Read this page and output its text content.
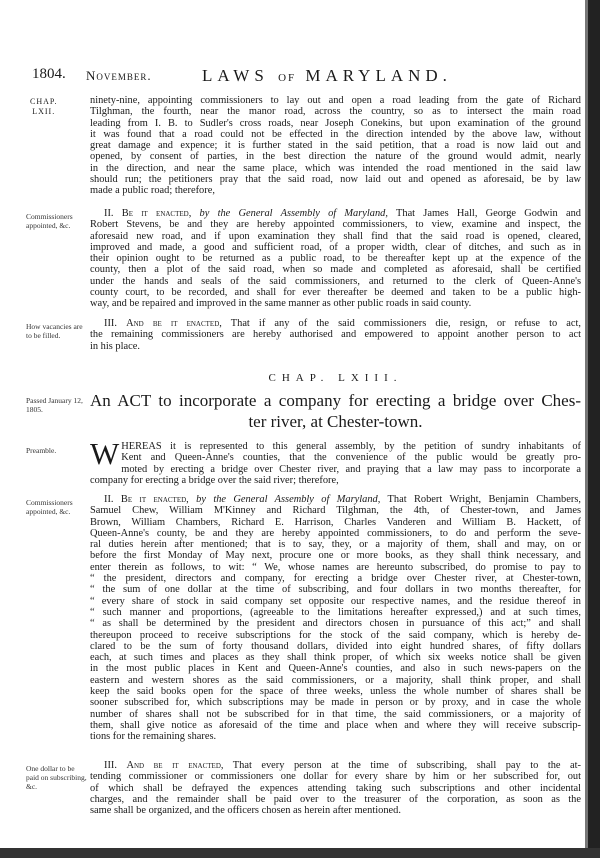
1804. November.	LAWS OF MARYLAND.
CHAP.
LXII.
ninety-nine, appointing commissioners to lay out and open a road leading from the gate of Richard
Tilghman, the fourth, near the manor road, across the country, so as to intersect the main road
leading from I. B. to Sudler's cross roads, near Joseph Conekins, but upon examination of the ground
it was found that a road could not be effected in the direction intended by the above law, without
great damage and expence; it is further stated in the said petition, that a road is now laid out and
opened, by consent of parties, in the best direction the nature of the ground would admit, nearly
in the direction, and near the same place, which was intended the road mentioned in the said law
should run; the petitioners pray that the said road, now laid out and opened as aforesaid, be by law
made a public road; therefore,
Commissioners appointed, &c.
II. Be it enacted, by the General Assembly of Maryland, That James Hall, George Godwin and
Robert Stevens, be and they are hereby appointed commissioners, to view, examine and inspect, the
aforesaid new road, and if upon examination they shall find that the said road is opened, cleared,
improved and made, a good and sufficient road, of a proper width, clear of ditches, and such as in
their opinion ought to be returned as a public road, to be thereafter kept up at the expence of the
county, then a plot of the said road, when so made and completed as aforesaid, shall be certified
under the hands and seals of the said commissioners, and returned to the clerk of Queen-Anne's
county court, to be recorded, and shall for ever thereafter be deemed and taken to be a public high-
way, and be repaired and improved in the same manner as other public roads in said county.
How vacancies are to be filled.
III. And be it enacted, That if any of the said commissioners die, resign, or refuse to act,
the remaining commissioners are hereby authorised and empowered to appoint another person to act
in his place.
CHAP. LXIII.
Passed January 12, 1805.	An ACT to incorporate a company for erecting a bridge over Ches-
ter river, at Chester-town.
Preamble.	W HEREAS it is represented to this general assembly, by the petition of sundry inhabitants of
Kent and Queen-Anne's counties, that the convenience of the public would be greatly pro-
moted by erecting a bridge over Chester river, and praying that a law may pass to incorporate a
company for erecting a bridge over the said river; therefore,
Commissioners appointed, &c.
II. Be it enacted, by the General Assembly of Maryland, That Robert Wright, Benjamin Chambers,
Samuel Chew, William M'Kinney and Richard Tilghman, the 4th, of Chester-town, and James
Brown, William Chambers, Richard E. Harrison, Charles Vanderen and William B. Hackett, of
Queen-Anne's county, be and they are hereby appointed commissioners, to do and perform the seve-
ral duties herein after mentioned; that is to say, they, or a majority of them, shall and may, on or
before the first Monday of May next, procure one or more books, as they shall think necessary, and
enter therein as follows, to wit: “ We, whose names are hereunto subscribed, do promise to pay to
“ the president, directors and company, for erecting a bridge over Chester river, at Chester-town,
“ the sum of one dollar at the time of subscribing, and four dollars in two months thereafter, for
“ every share of stock in said company set opposite our respective names, and the residue thereof in
“ such manner and proportions, (agreeable to the limitations hereafter expressed,) and at such times,
“ as shall be determined by the president and directors chosen in pursuance of this act;” and shall
thereupon proceed to receive subscriptions for the stock of the said company, which is hereby de-
clared to be the sum of forty thousand dollars, divided into eight hundred shares, of fifty dollars
each, at such times and places as they shall think proper, of which six weeks notice shall be given
in the most public places in Kent and Queen-Anne's counties, and also in such news-papers on the
eastern and western shores as the said commissioners, or a majority, shall think proper, and shall
keep the said books open for the space of three weeks, unless the whole number of shares shall be
sooner subscribed for, which subscriptions may be made in person or by proxy, and in case the whole
number of shares shall not be subscribed for in that time, the said commissioners, or a majority of
them, shall give notice as aforesaid of the time and place when and where they will receive subscrip-
tions for the remaining shares.
One dollar to be paid on subscribing, &c.
III. And be it enacted, That every person at the time of subscribing, shall pay to the at-
tending commissioner or commissioners one dollar for every share by him or her subscribed for, out
of which shall be defrayed the expences attending taking such subscriptions and other incidental
charges, and the remainder shall be paid over to the treasurer of the corporation, as soon as the
same shall be organized, and the officers chosen as herein after mentioned.
